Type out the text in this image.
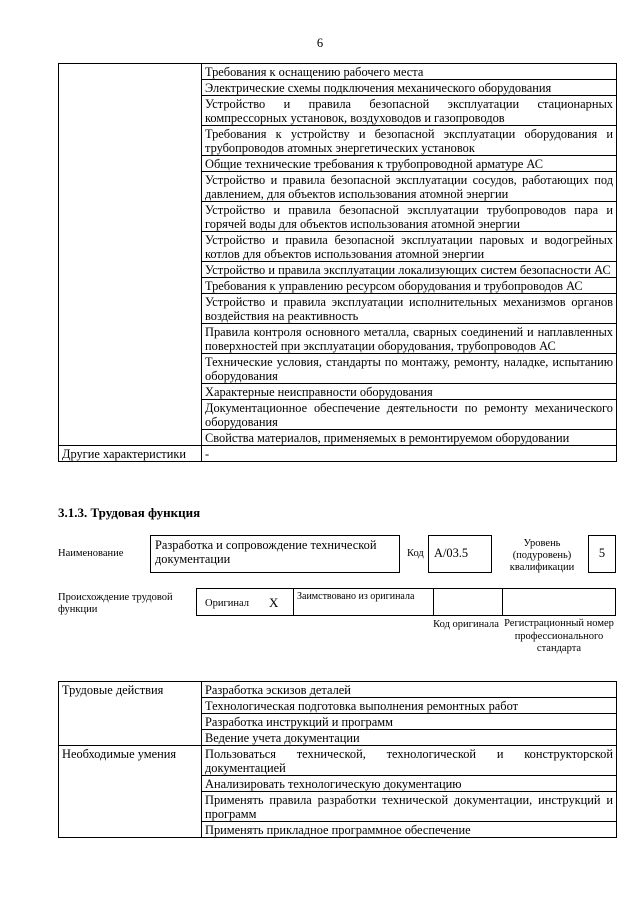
6
	Требования к оснащению рабочего места
	Электрические схемы подключения механического оборудования
	Устройство и правила безопасной эксплуатации стационарных компрессорных установок, воздуховодов и газопроводов
	Требования к устройству и безопасной эксплуатации оборудования и трубопроводов атомных энергетических установок
	Общие технические требования к трубопроводной арматуре АС
	Устройство и правила безопасной эксплуатации сосудов, работающих под давлением, для объектов использования атомной энергии
	Устройство и правила безопасной эксплуатации трубопроводов пара и горячей воды для объектов использования атомной энергии
	Устройство и правила безопасной эксплуатации паровых и водогрейных котлов для объектов использования атомной энергии
	Устройство и правила эксплуатации локализующих систем безопасности АС
	Требования к управлению ресурсом оборудования и трубопроводов АС
	Устройство и правила эксплуатации исполнительных механизмов органов воздействия на реактивность
	Правила контроля основного металла, сварных соединений и наплавленных поверхностей при эксплуатации оборудования, трубопроводов АС
	Технические условия, стандарты по монтажу, ремонту, наладке, испытанию оборудования
	Характерные неисправности оборудования
	Документационное обеспечение деятельности по ремонту механического оборудования
	Свойства материалов, применяемых в ремонтируемом оборудовании
Другие характеристики	-
3.1.3. Трудовая функция
Наименование
Разработка и сопровождение технической документации	Код A/03.5
Уровень (подуровень) квалификации
5
Происхождение трудовой функции
Оригинал X Заимствовано из оригинала
Код оригинала Регистрационный номер профессионального стандарта
Трудовые действия	Разработка эскизов деталей
	Технологическая подготовка выполнения ремонтных работ
	Разработка инструкций и программ
	Ведение учета документации
Необходимые умения	Пользоваться технической, технологической и конструкторской документацией
	Анализировать технологическую документацию
	Применять правила разработки технической документации, инструкций и программ
	Применять прикладное программное обеспечение
